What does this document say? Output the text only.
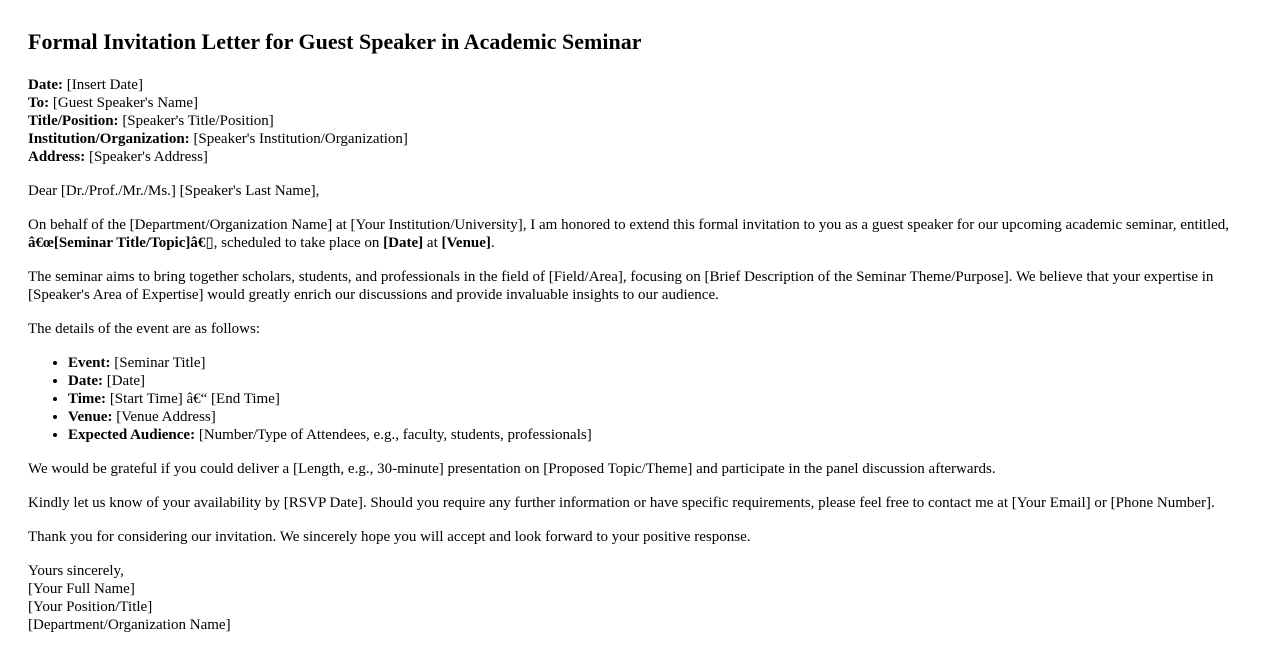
Formal Invitation Letter for Guest Speaker in Academic Seminar
Date: [Insert Date]
To: [Guest Speaker's Name]
Title/Position: [Speaker's Title/Position]
Institution/Organization: [Speaker's Institution/Organization]
Address: [Speaker's Address]

Dear [Dr./Prof./Mr./Ms.] [Speaker's Last Name],

On behalf of the [Department/Organization Name] at [Your Institution/University], I am honored to extend this formal invitation to you as a guest speaker for our upcoming academic seminar, entitled, â€œ[Seminar Title/Topic]â€▯, scheduled to take place on [Date] at [Venue].

The seminar aims to bring together scholars, students, and professionals in the field of [Field/Area], focusing on [Brief Description of the Seminar Theme/Purpose]. We believe that your expertise in [Speaker's Area of Expertise] would greatly enrich our discussions and provide invaluable insights to our audience.

The details of the event are as follows:

• Event: [Seminar Title]
• Date: [Date]
• Time: [Start Time] â€“ [End Time]
• Venue: [Venue Address]
• Expected Audience: [Number/Type of Attendees, e.g., faculty, students, professionals]

We would be grateful if you could deliver a [Length, e.g., 30-minute] presentation on [Proposed Topic/Theme] and participate in the panel discussion afterwards.

Kindly let us know of your availability by [RSVP Date]. Should you require any further information or have specific requirements, please feel free to contact me at [Your Email] or [Phone Number].

Thank you for considering our invitation. We sincerely hope you will accept and look forward to your positive response.

Yours sincerely,
[Your Full Name]
[Your Position/Title]
[Department/Organization Name]
